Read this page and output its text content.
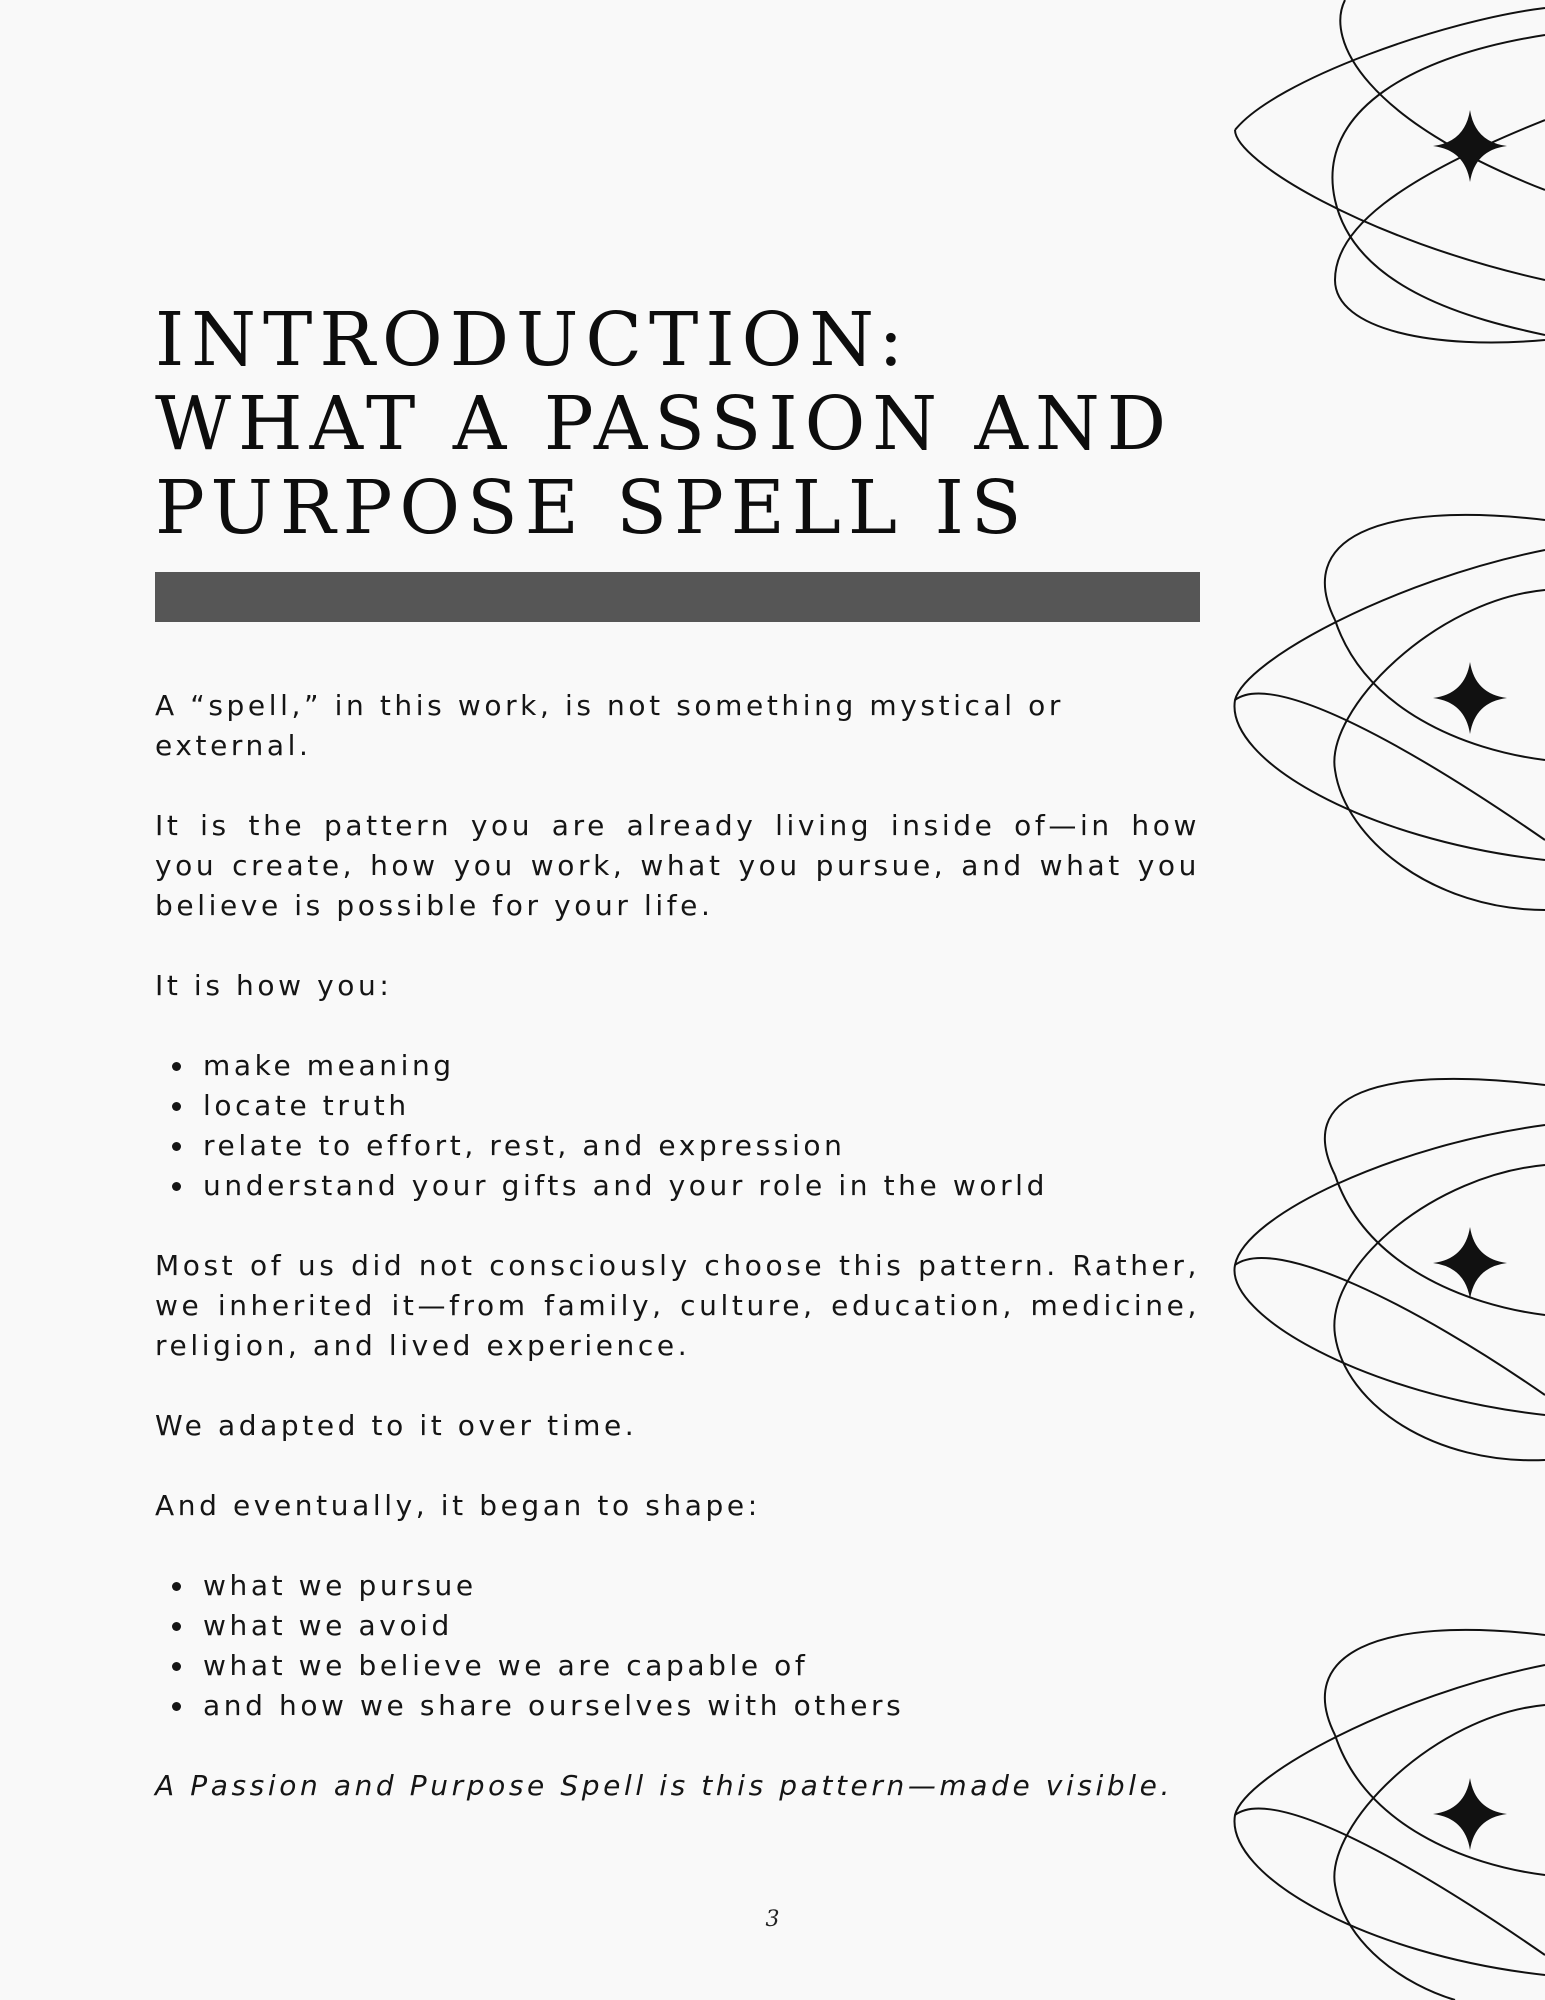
INTRODUCTION:
WHAT A PASSION AND
PURPOSE SPELL IS

A “spell,” in this work, is not something mystical or external.

It is the pattern you are already living inside of—in how you create, how you work, what you pursue, and what you believe is possible for your life.

It is how you:

make meaning
locate truth
relate to effort, rest, and expression
understand your gifts and your role in the world

Most of us did not consciously choose this pattern. Rather, we inherited it—from family, culture, education, medicine, religion, and lived experience.

We adapted to it over time.

And eventually, it began to shape:

what we pursue
what we avoid
what we believe we are capable of
and how we share ourselves with others

A Passion and Purpose Spell is this pattern—made visible.

3
